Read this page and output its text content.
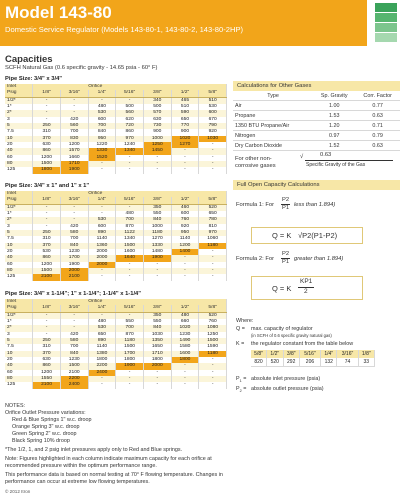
Model 143-80
Domestic Service Regulator (Models 143-80-1, 143-80-2, 143-80-2HP)
Capacities
SCFH Natural Gas (0.6 specific gravity - 14.65 psia - 60° F)
Pipe Size: 3/4" x 3/4"
Inlet	Orifice						
Psig	1/8"	3/16"	1/4"	5/16"	3/8"	1/2"	5/8"
1/2*	-	-	-	-	340	465	510
1*	-	-	480	500	500	510	530
2*	-	-	530	560	570	590	600
3	-	420	600	620	630	650	670
5	250	560	700	720	730	770	790
7.5	310	700	840	860	900	900	920
10	370	830	950	970	1000	1020	1030
20	630	1200	1220	1240	1250	1270	-
40	860	1570	1330	1340	1450	-	-
60	1200	1660	1520	-	-	-	-
80	1500	1710	-	-	-	-	-
125	1800	1900	-	-	-	-	-
Pipe Size: 3/4" x 1" and 1" x 1"
Inlet	Orifice						
Psig	1/8"	3/16"	1/4"	5/16"	3/8"	1/2"	5/8"
1/2*	-	-	-	-	350	460	520
1*	-	-	-	480	550	600	650
2*	-	-	530	700	840	760	780
3	-	420	600	870	1000	920	810
5	250	580	890	1122	1180	950	970
7.5	310	700	1140	1340	1270	1140	1060
10	370	840	1360	1500	1330	1200	1180
20	530	1230	2000	1600	1480	1400	-
40	860	1700	2000	1640	1900	-	-
60	1200	1900	2000	-	-	-	-
80	1500	2000	-	-	-	-	-
125	2100	2100	-	-	-	-	-
Pipe Size: 3/4" x 1-1/4"; 1" x 1-1/4"; 1-1/4" x 1-1/4"
Inlet	Orifice						
Psig	1/8"	3/16"	1/4"	5/16"	3/8"	1/2"	5/8"
1/2*	-	-	-	-	350	480	520
1*	-	-	480	550	550	660	760
2*	-	-	530	700	840	1020	1080
3	-	420	650	870	1030	1230	1250
5	250	580	890	1180	1350	1490	1500
7.5	310	700	1140	1500	1650	1580	1590
10	370	840	1380	1700	1710	1600	1180
20	630	1230	1800	1800	1800	1800	-
40	860	1500	2200	1900	2000	-	-
60	1200	2100	2400	-	-	-	-
80	1550	2200	-	-	-	-	-
125	2100	2400	-	-	-	-	-

NOTES:

Orifice Outlet Pressure variations:

Red & Blue Springs 1" w.c. droop

Orange Spring 3" w.c. droop

Green Spring 2" w.c. droop

Black Spring 10% droop

*The 1/2, 1, and 2 psig inlet pressures apply only to Red and Blue springs.

Note: Figures highlighted in each column indicate maximum capacity for each orifice at recommended pressure within the optimum performance range.

This performance data is based on normal testing at 70° F flowing temperature. Changes in performance can occur at extreme low flowing temperatures.

© 2012 Itron
Calculations for Other Gases
Type	Sp. Gravity	Corr. Factor
Air	1.00	0.77
Propane	1.53	0.63
1350 BTU Propane/Air	1.20	0.71
Nitrogen	0.97	0.79
Dry Carbon Dioxide	1.52	0.63
For other non-
corrosive gases
√	0.63
Specific Gravity of the Gas
Full Open Capacity Calculations
Formula 1: For
P2
P1 less than 1.894)
Q = K √P2(P1-P2)
Formula 2: For
P2
P1 greater than 1.894)
Q = K
KP1
2
Where:
Q = max. capacity of regulator
(in SCFH of 0.6 specific gravity natural gas)
K = the regulator constant from the table below
5/8"	1/2"	3/8"	5/16"	1/4"	3/16"	1/8"
820	520	292	206	132	74	33
$P_1$ = absolute inlet pressure (psia)
$P_2$ = absolute outlet pressure (psia)
